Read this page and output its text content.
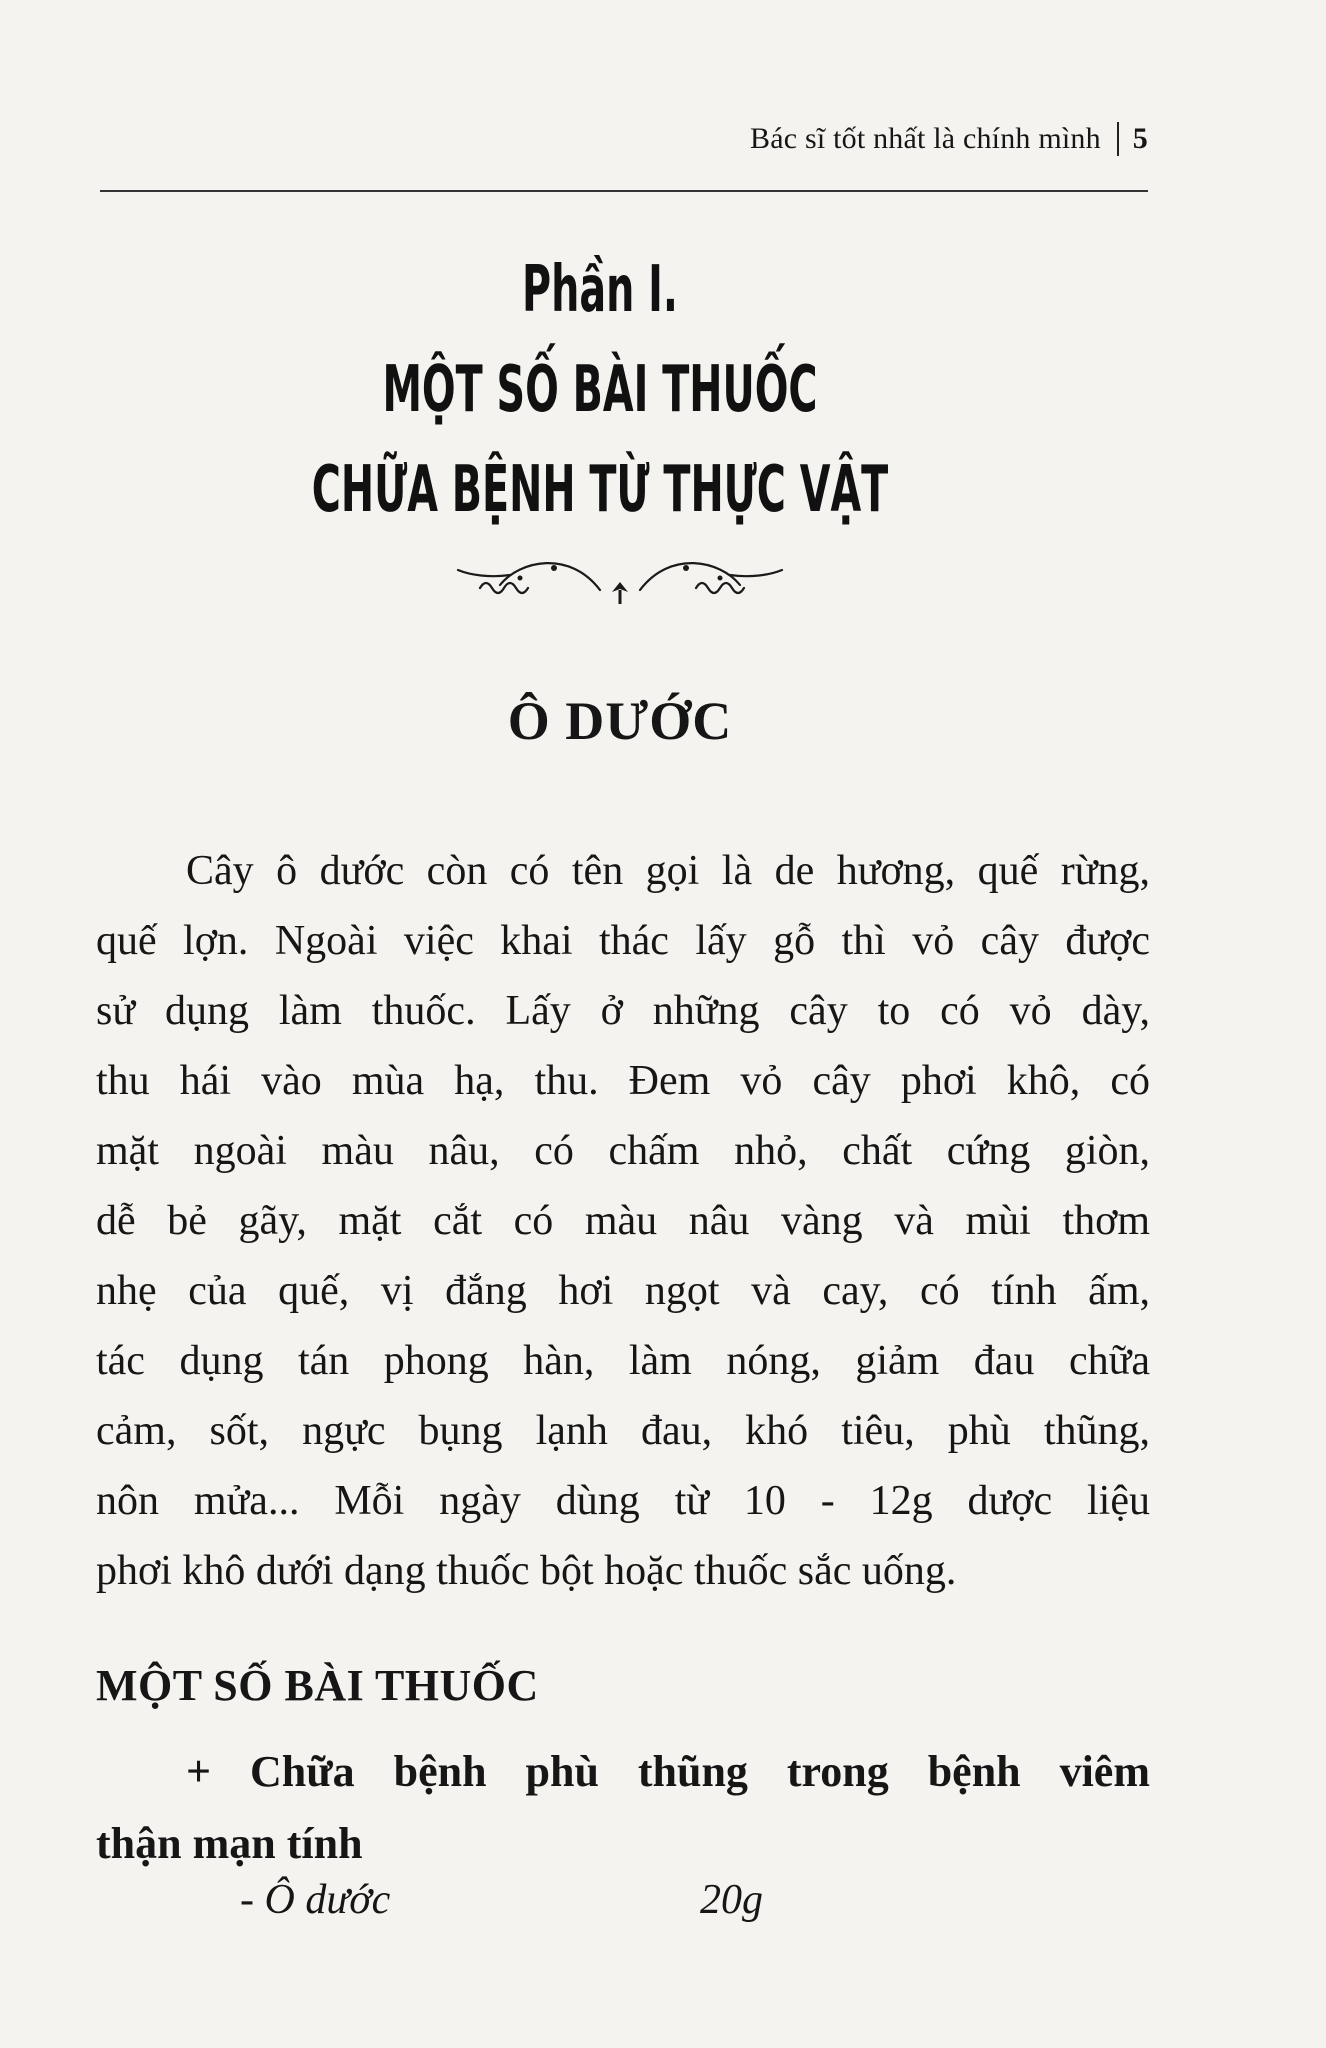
Bác sĩ tốt nhất là chính mình 5
Phần I.
MỘT SỐ BÀI THUỐC
CHỮA BỆNH TỪ THỰC VẬT
Ô DƯỚC
Cây ô dước còn có tên gọi là de hương, quế rừng,
quế lợn. Ngoài việc khai thác lấy gỗ thì vỏ cây được
sử dụng làm thuốc. Lấy ở những cây to có vỏ dày,
thu hái vào mùa hạ, thu. Đem vỏ cây phơi khô, có
mặt ngoài màu nâu, có chấm nhỏ, chất cứng giòn,
dễ bẻ gãy, mặt cắt có màu nâu vàng và mùi thơm
nhẹ của quế, vị đắng hơi ngọt và cay, có tính ấm,
tác dụng tán phong hàn, làm nóng, giảm đau chữa
cảm, sốt, ngực bụng lạnh đau, khó tiêu, phù thũng,
nôn mửa... Mỗi ngày dùng từ 10 - 12g dược liệu
phơi khô dưới dạng thuốc bột hoặc thuốc sắc uống.
MỘT SỐ BÀI THUỐC
+ Chữa bệnh phù thũng trong bệnh viêm
thận mạn tính
- Ô dước	20g
